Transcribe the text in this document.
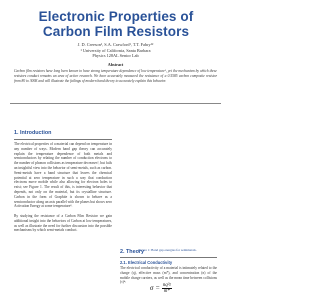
Electronic Properties of Carbon Film Resistors
J. D. Creeson¹, S.A. Crawford¹, T.T. Fabry¹²
¹ University of California, Santa Barbara
Physics 128AL Senior Lab
Abstract
Carbon film resistors have long been known to have strong temperature dependence of low temperature¹, yet the mechanism by which these resistors conduct remains an area of active research. We have accurately measured the resistance of a 0.5585 carbon composite resistor from 80 to 300K and will illustrate the failings of modern band theory to accurately explain this behavior.
1. Introduction
The electrical properties of a material can depend on temperature in any number of ways. Modern band gap theory can accurately explain the temperature dependence of both metals and semiconductors by relating the number of conduction electrons to the number of phonon collisions as temperature decreases², but fails an insightful view into the behavior of semi-metals, such as carbon. Semi-metals have a band structure that leaves the chemical potential at zero temperature in such a way that conduction electrons move mobile while also allowing for electron holes to exist; see Figure 1. The result of this, is interesting behavior that depends, not only on the material, but its crystalline structure. Carbon in the form of Graphite is shown to behave as a semiconductor along an axis parallel with the planes but shows zero Activation Energy at some temperature³.

By studying the resistance of a Carbon Film Resistor we gain additional insight into the behaviors of Carbon at low temperatures, as well as illustrate the need for further discussion into the possible mechanisms by which semi-metals conduct.
Figure 1: Band gap energies for semimetals.
2. Theory
2.1. Electrical Conductivity
The electrical conductivity of a material is intimately related to the charge (q), effective mass (m*), and concentration (n) of the mobile charge carriers, as well as the mean time between collisions (τ)⁴:
$\sigma = \frac{\text{nq²τ}}{m*}$
